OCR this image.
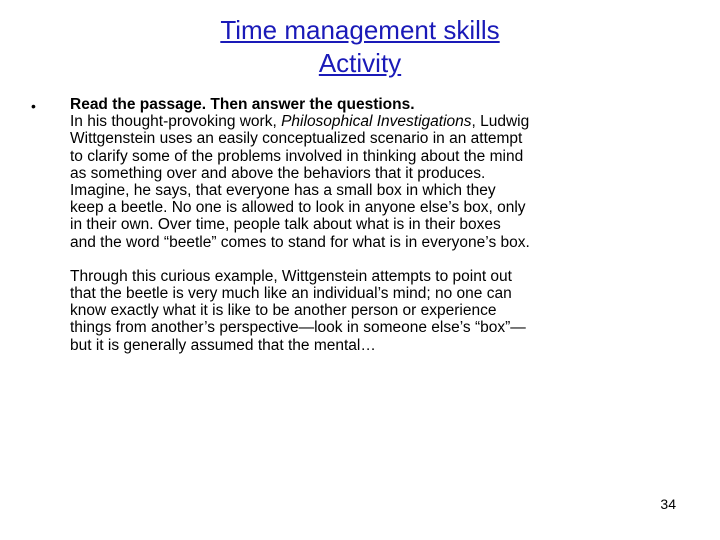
Time management skills
Activity
• Read the passage. Then answer the questions.
In his thought-provoking work, Philosophical Investigations, Ludwig Wittgenstein uses an easily conceptualized scenario in an attempt to clarify some of the problems involved in thinking about the mind as something over and above the behaviors that it produces. Imagine, he says, that everyone has a small box in which they keep a beetle. No one is allowed to look in anyone else’s box, only in their own. Over time, people talk about what is in their boxes and the word “beetle” comes to stand for what is in everyone’s box.
Through this curious example, Wittgenstein attempts to point out that the beetle is very much like an individual’s mind; no one can know exactly what it is like to be another person or experience things from another’s perspective—look in someone else’s “box”—but it is generally assumed that the mental…
34
